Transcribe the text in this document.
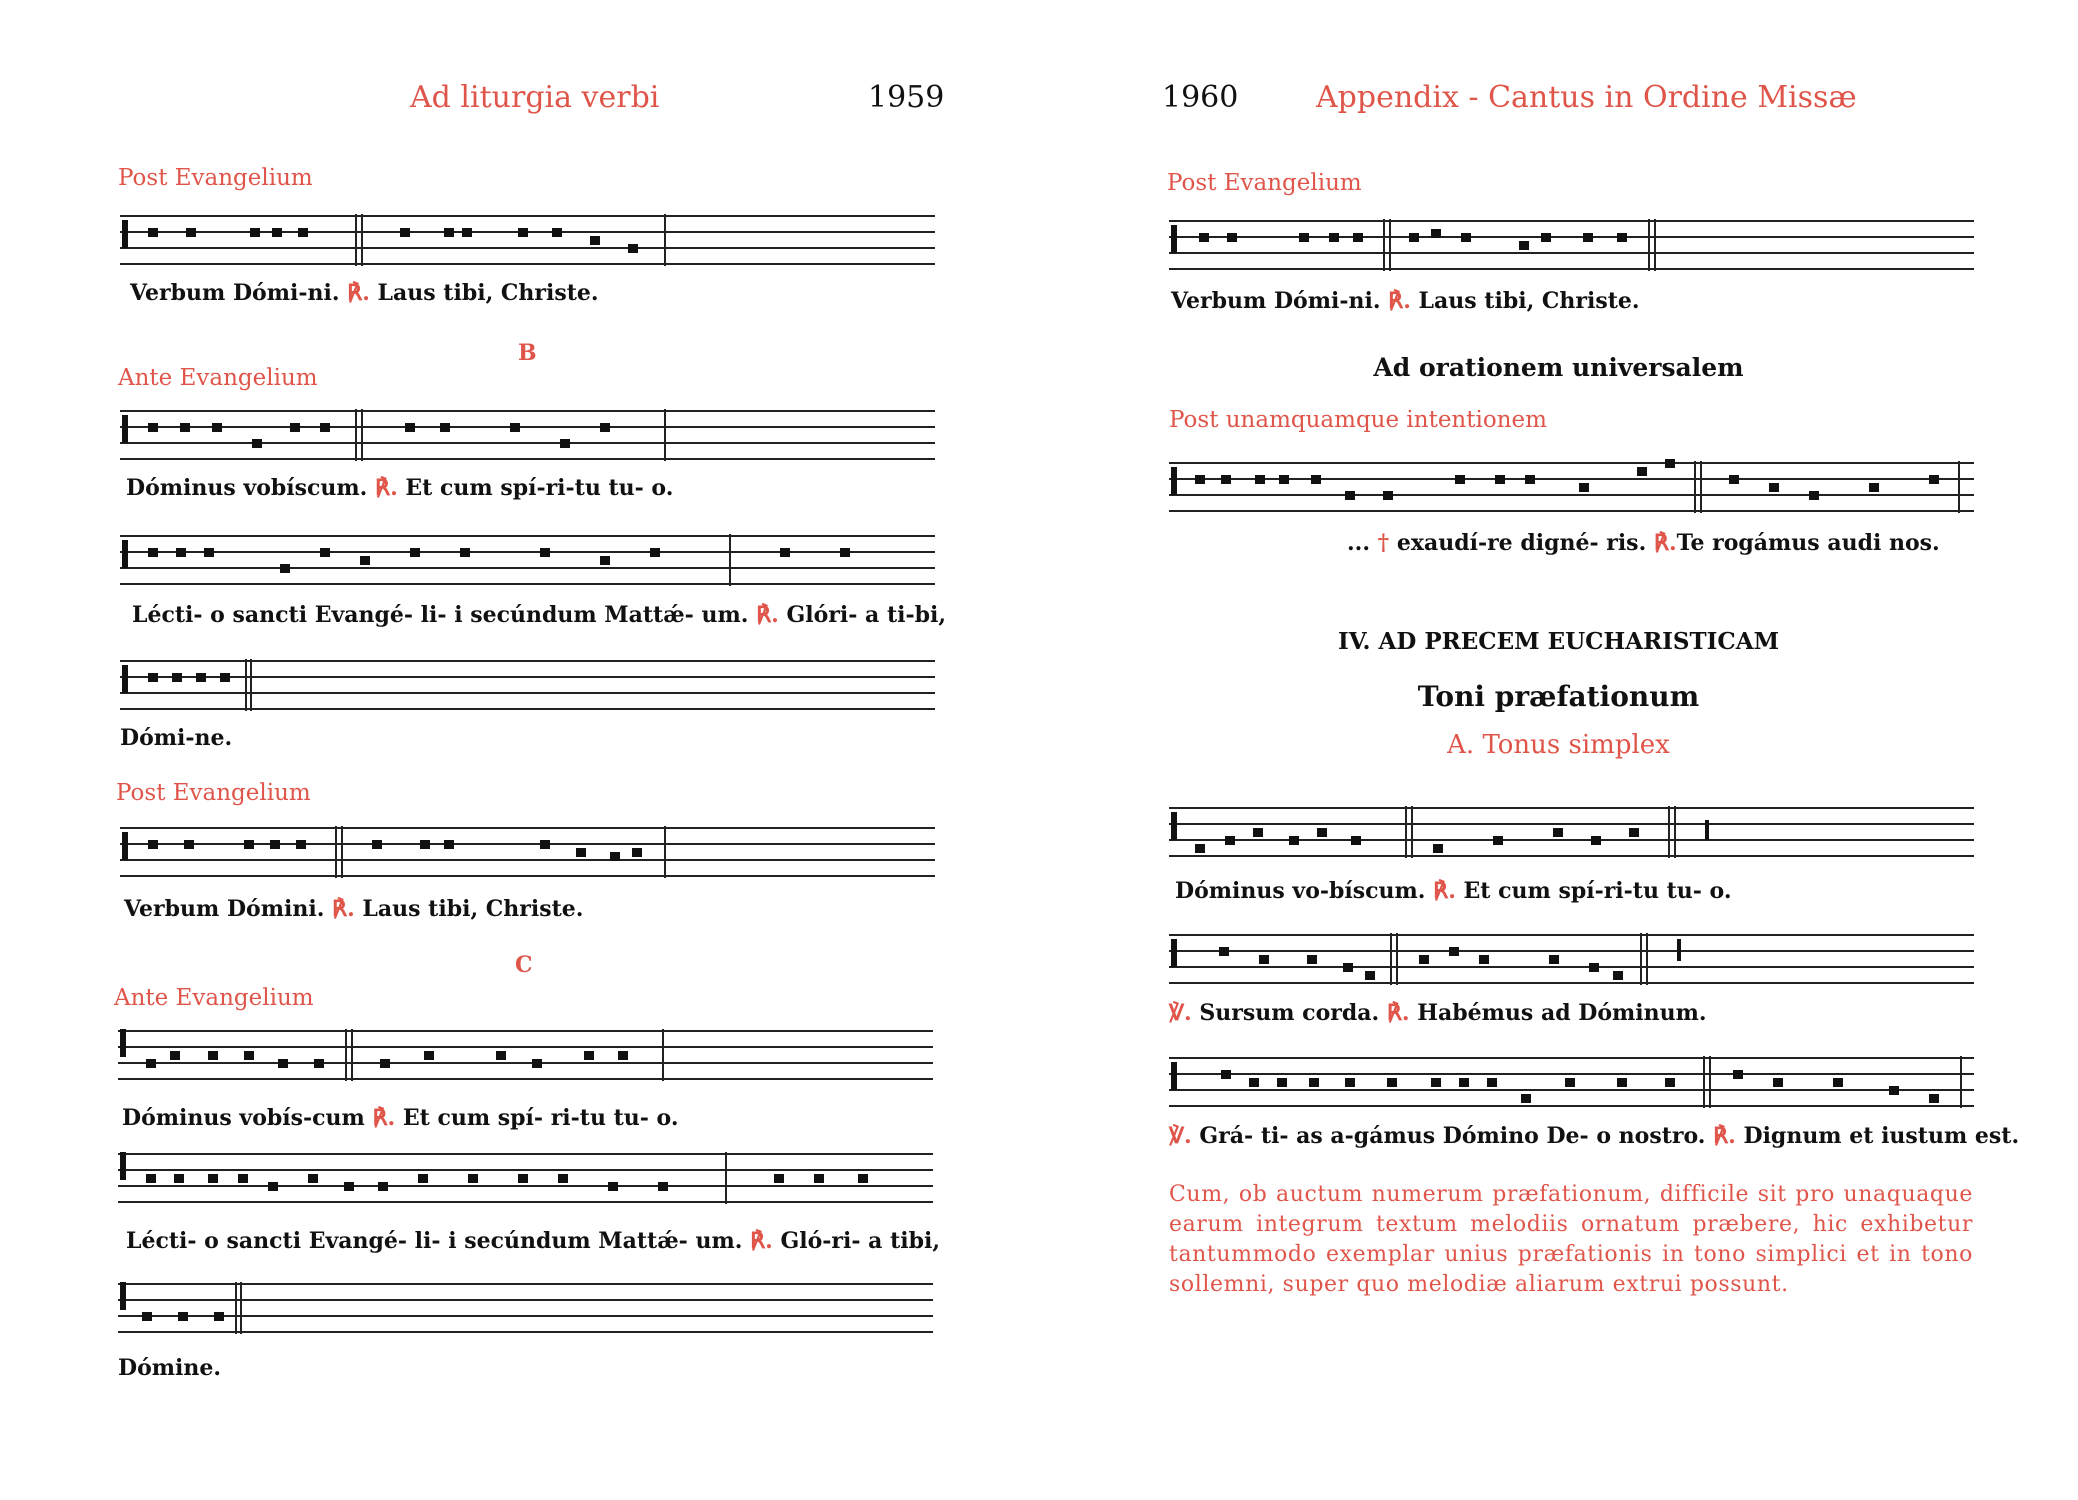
Ad liturgia verbi	1959
Post Evangelium
Verbum Dómi-ni. ℟. Laus tibi, Christe.
B
Ante Evangelium
Dóminus vobíscum. ℟. Et cum spí-ri-tu tu- o.
Lécti- o sancti Evangé- li- i secúndum Mattǽ- um. ℟. Glóri- a ti-bi,
Dómi-ne.
Post Evangelium
Verbum Dómini. ℟. Laus tibi, Christe.
C
Ante Evangelium
Dóminus vobís-cum ℟. Et cum spí- ri-tu tu- o.
Lécti- o sancti Evangé- li- i secúndum Mattǽ- um. ℟. Gló-ri- a tibi,
Dómine.
1960	Appendix - Cantus in Ordine Missæ
Post Evangelium
Verbum Dómi-ni. ℟. Laus tibi, Christe.
Ad orationem universalem
Post unamquamque intentionem
... † exaudí-re digné- ris. ℟.Te rogámus audi nos.
IV. AD PRECEM EUCHARISTICAM
Toni præfationum
A. Tonus simplex
Dóminus vo-bíscum. ℟. Et cum spí-ri-tu tu- o.
℣. Sursum corda. ℟. Habémus ad Dóminum.
℣. Grá- ti- as a-gámus Dómino De- o nostro. ℟. Dignum et iustum est.
Cum, ob auctum numerum præfationum, difficile sit pro unaquaque earum integrum textum melodiis ornatum præbere, hic exhibetur tantummodo exemplar unius præfationis in tono simplici et in tono sollemni, super quo melodiæ aliarum extrui possunt.
